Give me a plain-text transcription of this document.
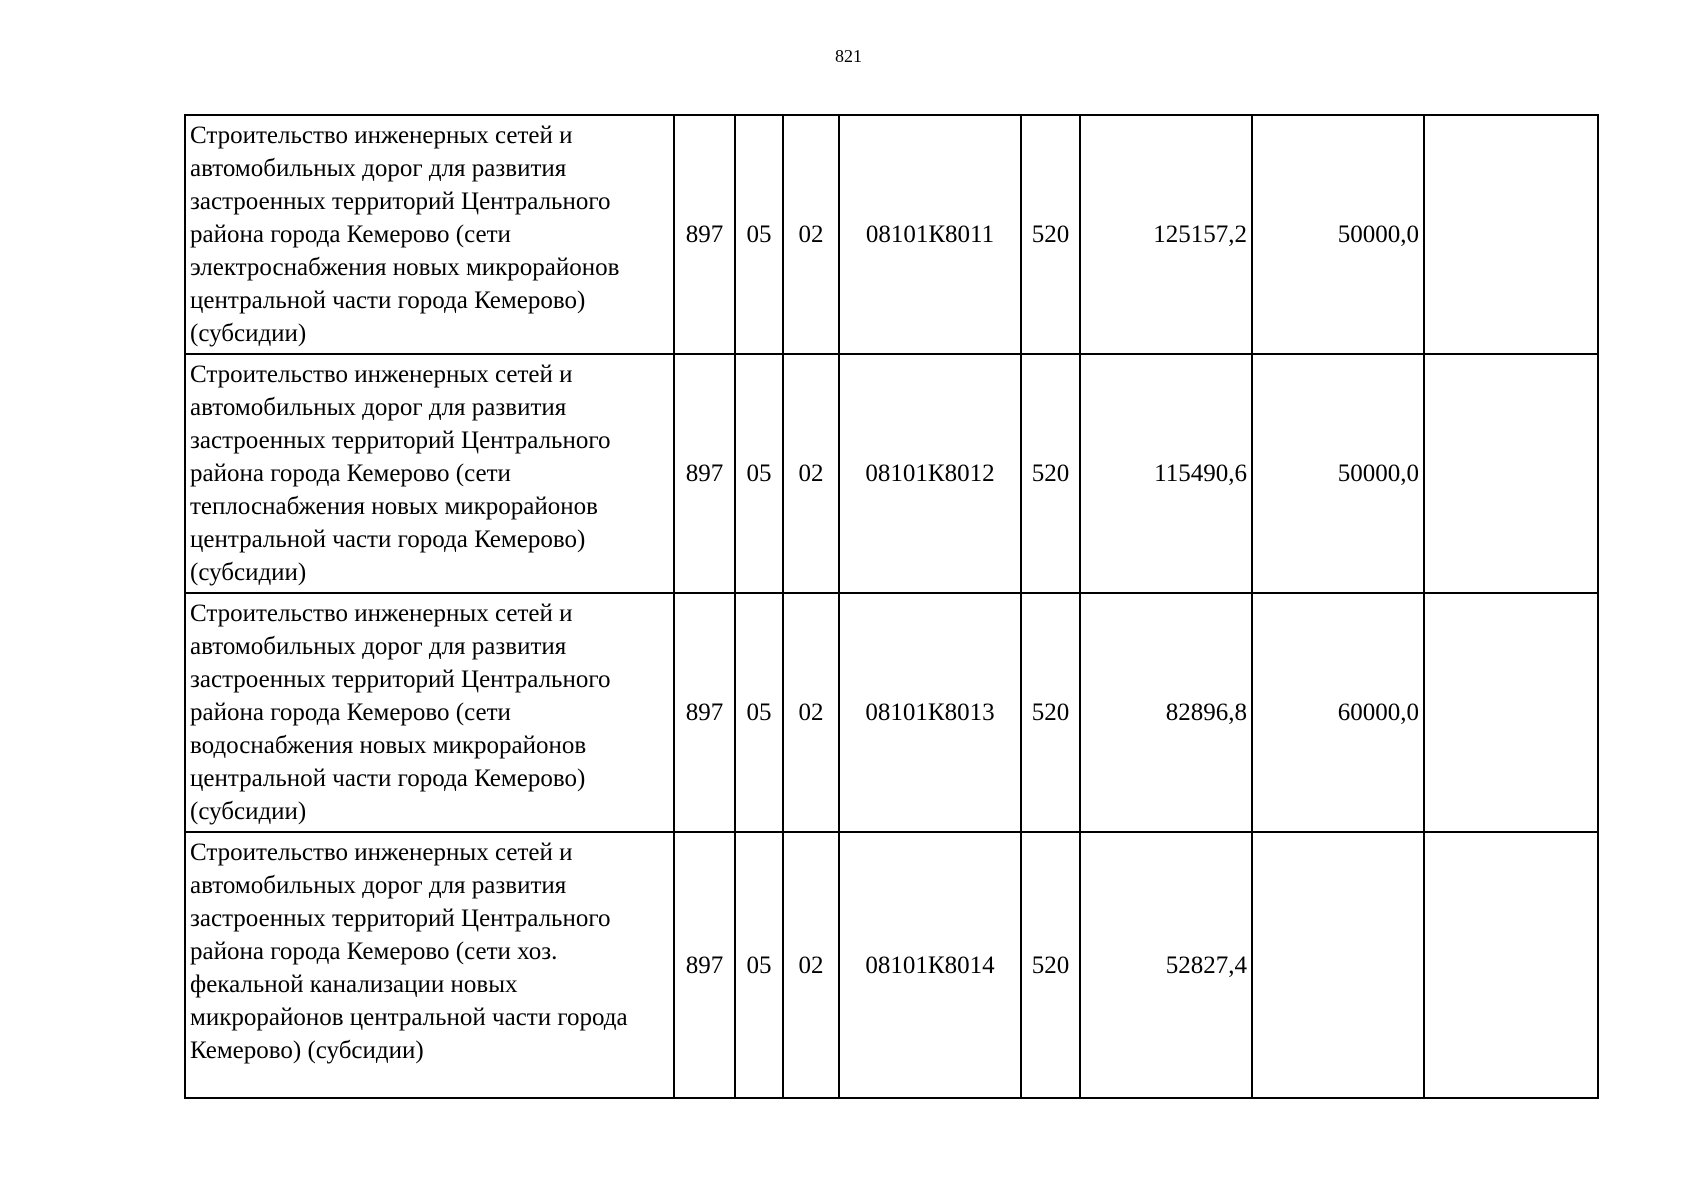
821
Строительство инженерных сетей и автомобильных дорог для развития застроенных территорий Центрального района города Кемерово (сети электроснабжения новых микрорайонов центральной части города Кемерово) (субсидии)	897	05	02	08101К8011	520	125157,2	50000,0	
Строительство инженерных сетей и автомобильных дорог для развития застроенных территорий Центрального района города Кемерово (сети теплоснабжения новых микрорайонов центральной части города Кемерово) (субсидии)	897	05	02	08101К8012	520	115490,6	50000,0	
Строительство инженерных сетей и автомобильных дорог для развития застроенных территорий Центрального района города Кемерово (сети водоснабжения новых микрорайонов центральной части города Кемерово) (субсидии)	897	05	02	08101К8013	520	82896,8	60000,0	
Строительство инженерных сетей и автомобильных дорог для развития застроенных территорий Центрального района города Кемерово (сети хоз. фекальной канализации новых микрорайонов центральной части города Кемерово) (субсидии)	897	05	02	08101К8014	520	52827,4		
